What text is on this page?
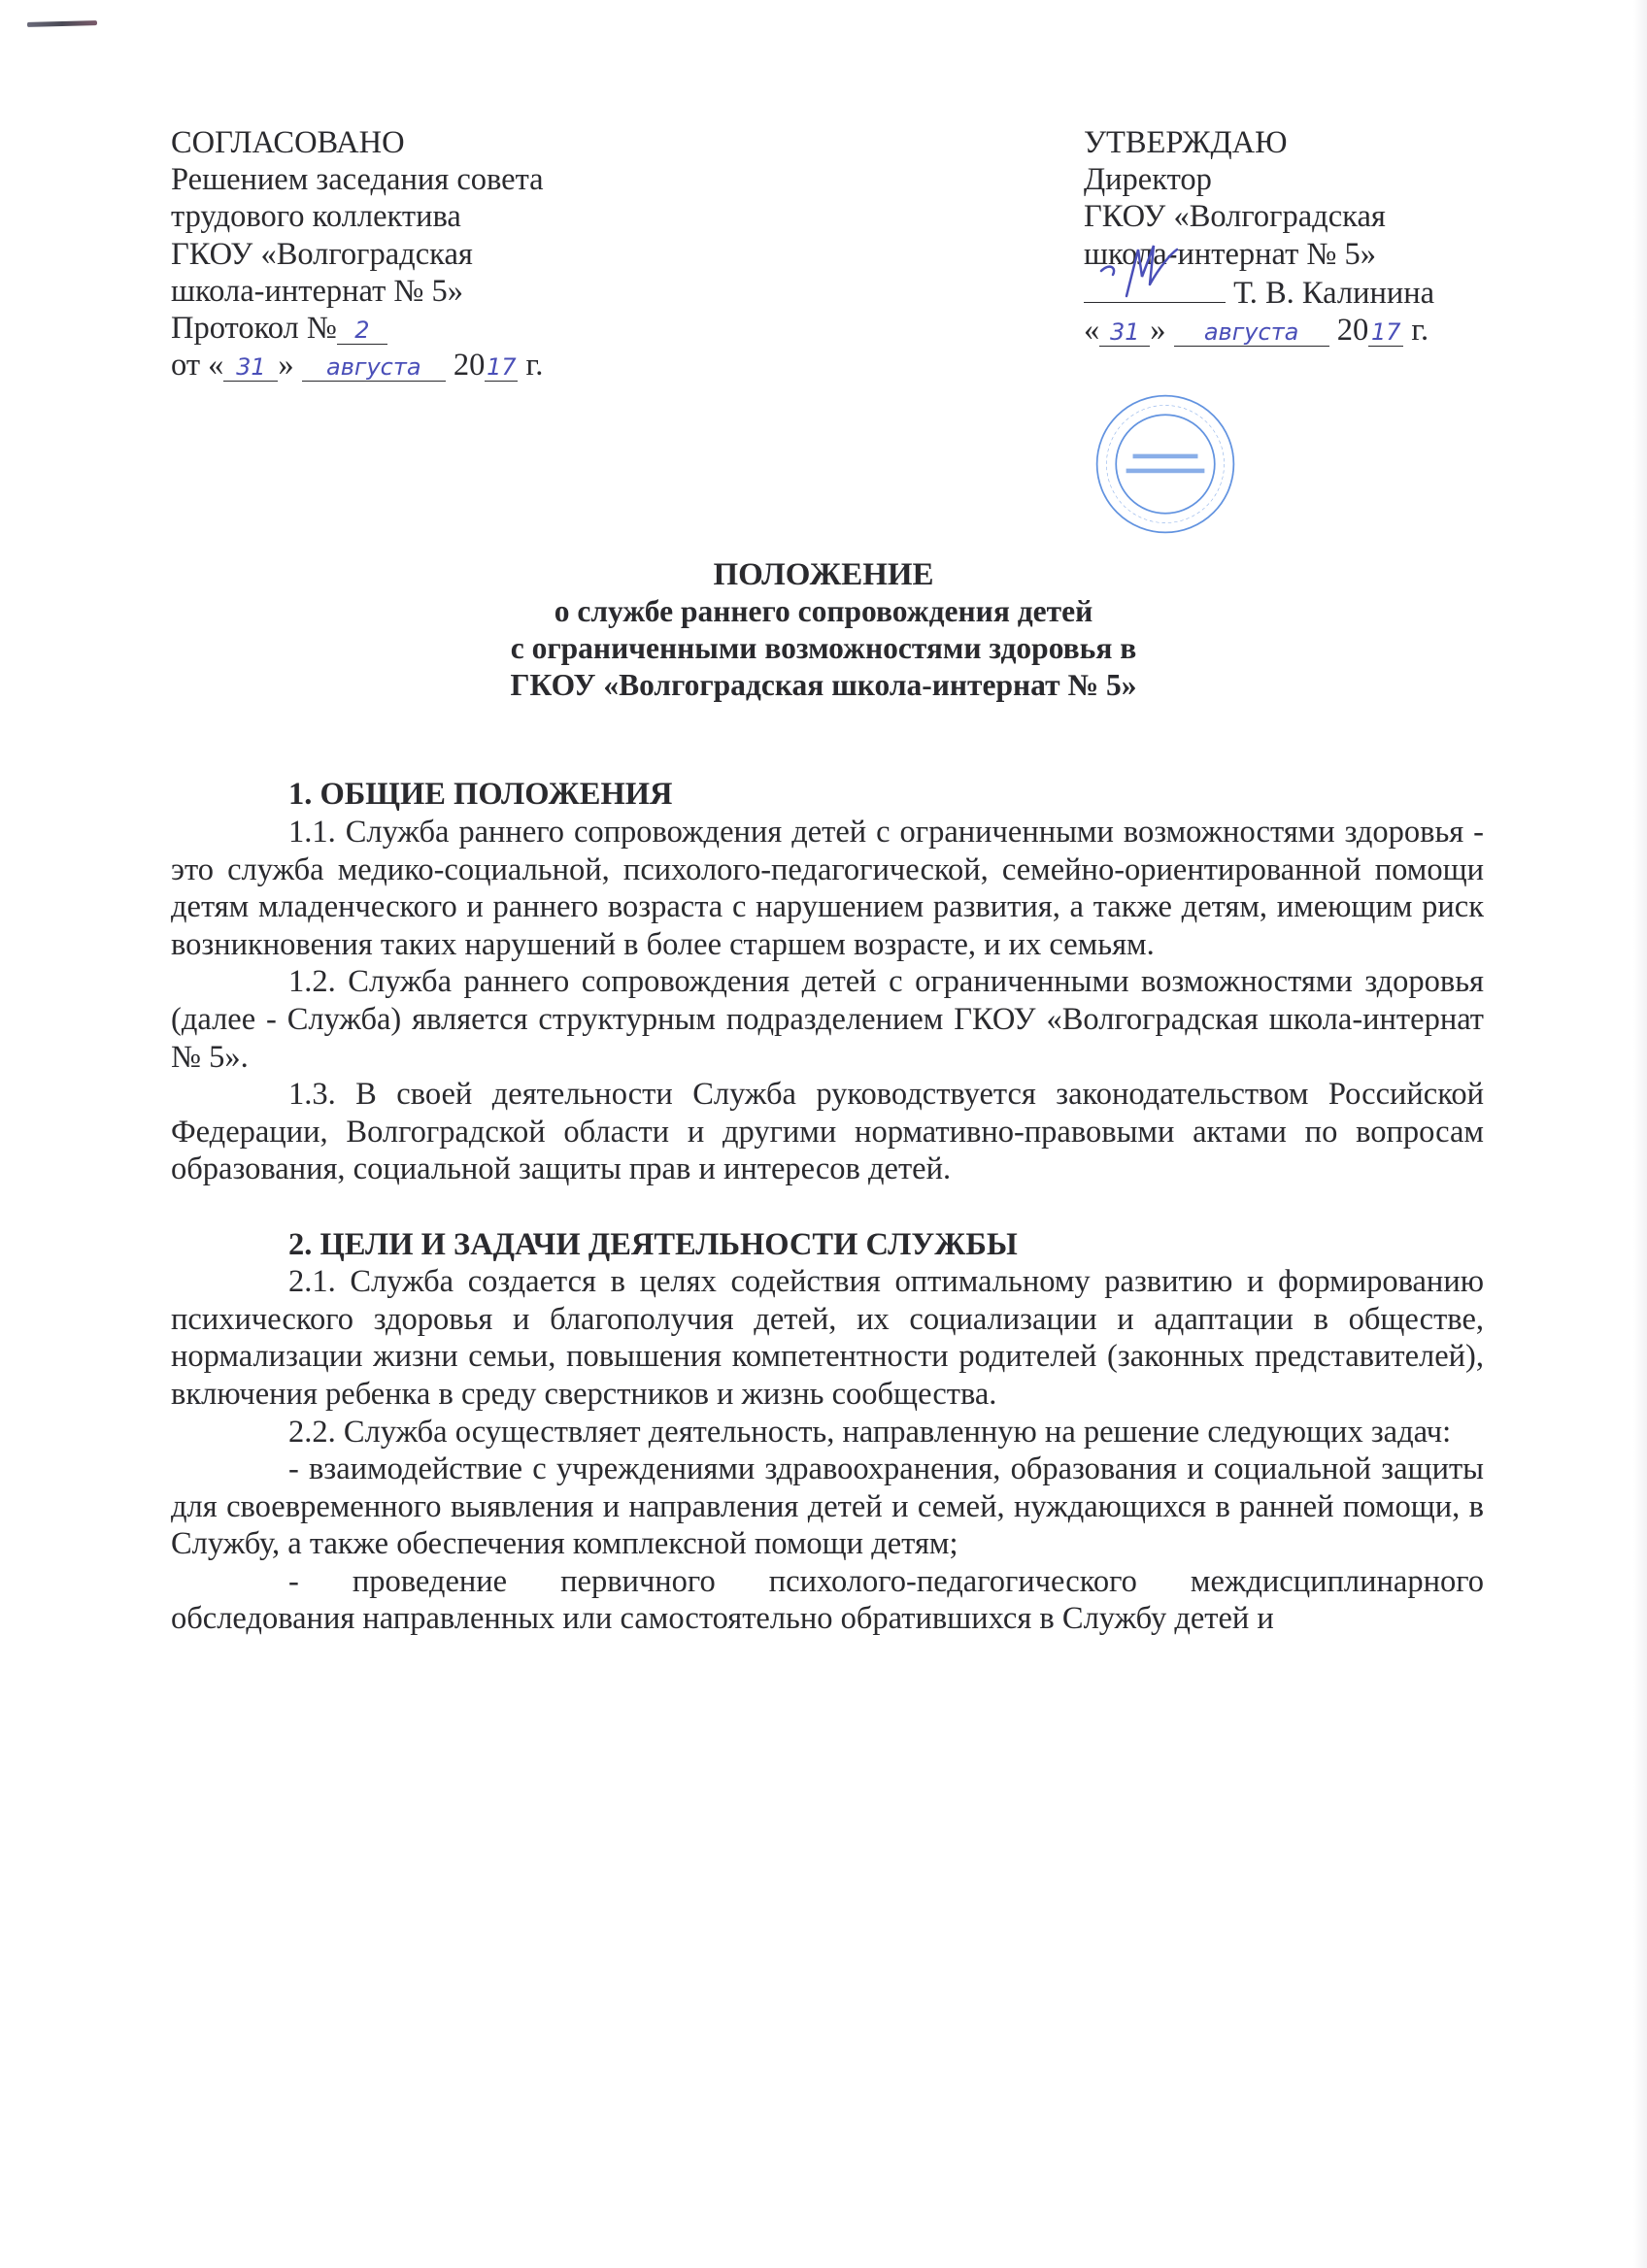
СОГЛАСОВАНО
Решением заседания совета
трудового коллектива
ГКОУ «Волгоградская
школа-интернат № 5»
Протокол № 2
от « 31 » августа 2017 г.
УТВЕРЖДАЮ
Директор
ГКОУ «Волгоградская
школа-интернат № 5»
Т. В. Калинина
« 31 » августа 20 17 г.
ПОЛОЖЕНИЕ
о службе раннего сопровождения детей
с ограниченными возможностями здоровья в
ГКОУ «Волгоградская школа-интернат № 5»
1. ОБЩИЕ ПОЛОЖЕНИЯ

1.1. Служба раннего сопровождения детей с ограниченными возможностями здоровья - это служба медико-социальной, психолого-педагогической, семейно-ориентированной помощи детям младенческого и раннего возраста с нарушением развития, а также детям, имеющим риск возникновения таких нарушений в более старшем возрасте, и их семьям.

1.2. Служба раннего сопровождения детей с ограниченными возможностями здоровья (далее - Служба) является структурным подразделением ГКОУ «Волгоградская школа-интернат № 5».

1.3. В своей деятельности Служба руководствуется законодательством Российской Федерации, Волгоградской области и другими нормативно-правовыми актами по вопросам образования, социальной защиты прав и интересов детей.

2. ЦЕЛИ И ЗАДАЧИ ДЕЯТЕЛЬНОСТИ СЛУЖБЫ

2.1. Служба создается в целях содействия оптимальному развитию и формированию психического здоровья и благополучия детей, их социализации и адаптации в обществе, нормализации жизни семьи, повышения компетентности родителей (законных представителей), включения ребенка в среду сверстников и жизнь сообщества.

2.2. Служба осуществляет деятельность, направленную на решение следующих задач:

- взаимодействие с учреждениями здравоохранения, образования и социальной защиты для своевременного выявления и направления детей и семей, нуждающихся в ранней помощи, в Службу, а также обеспечения комплексной помощи детям;

- проведение первичного психолого-педагогического междисциплинарного обследования направленных или самостоятельно обратившихся в Службу детей и
